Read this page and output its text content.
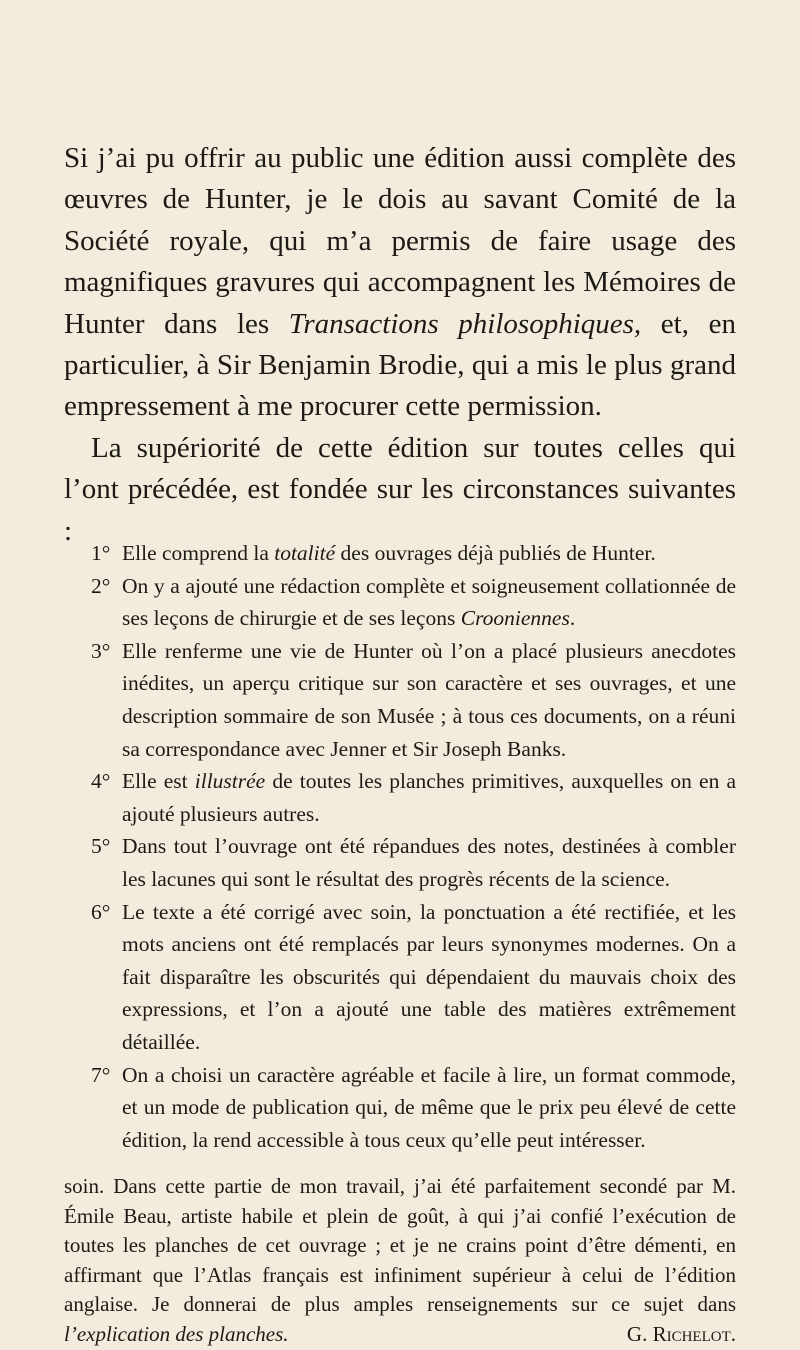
Si j’ai pu offrir au public une édition aussi complète des œuvres de Hunter, je le dois au savant Comité de la Société royale, qui m’a permis de faire usage des magnifiques gravures qui accompagnent les Mémoires de Hunter dans les Transactions philosophiques, et, en particulier, à Sir Benjamin Brodie, qui a mis le plus grand empressement à me procurer cette permission.

La supériorité de cette édition sur toutes celles qui l’ont précédée, est fondée sur les circonstances suivantes :

1° Elle comprend la totalité des ouvrages déjà publiés de Hunter.
2° On y a ajouté une rédaction complète et soigneusement collationnée de ses leçons de chirurgie et de ses leçons Crooniennes.
3° Elle renferme une vie de Hunter où l’on a placé plusieurs anecdotes inédites, un aperçu critique sur son caractère et ses ouvrages, et une description sommaire de son Musée ; à tous ces documents, on a réuni sa correspondance avec Jenner et Sir Joseph Banks.
4° Elle est illustrée de toutes les planches primitives, auxquelles on en a ajouté plusieurs autres.
5° Dans tout l’ouvrage ont été répandues des notes, destinées à combler les lacunes qui sont le résultat des progrès récents de la science.
6° Le texte a été corrigé avec soin, la ponctuation a été rectifiée, et les mots anciens ont été remplacés par leurs synonymes modernes. On a fait disparaître les obscurités qui dépendaient du mauvais choix des expressions, et l’on a ajouté une table des matières extrêmement détaillée.
7° On a choisi un caractère agréable et facile à lire, un format commode, et un mode de publication qui, de même que le prix peu élevé de cette édition, la rend accessible à tous ceux qu’elle peut intéresser.

soin. Dans cette partie de mon travail, j’ai été parfaitement secondé par M. Émile Beau, artiste habile et plein de goût, à qui j’ai confié l’exécution de toutes les planches de cet ouvrage ; et je ne crains point d’être démenti, en affirmant que l’Atlas français est infiniment supérieur à celui de l’édition anglaise. Je donnerai de plus amples renseignements sur ce sujet dans l’explication des planches.	G. Richelot.
